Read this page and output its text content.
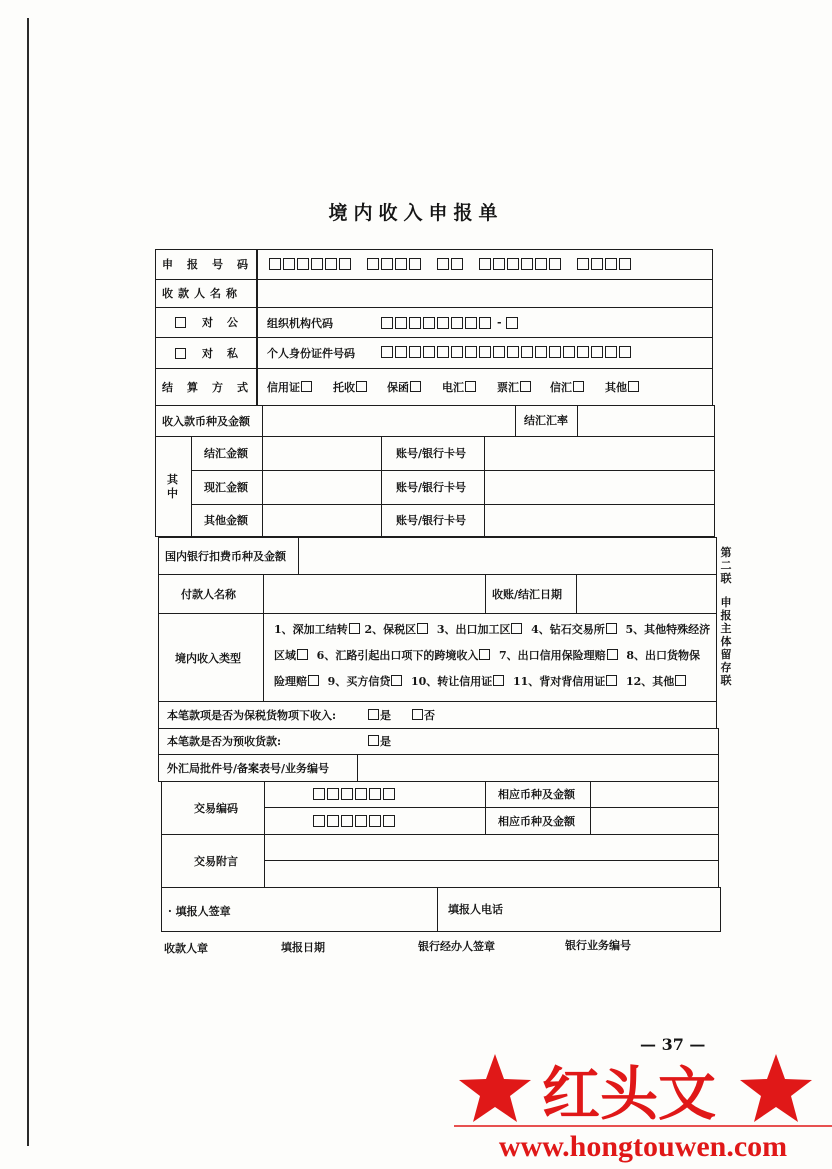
境内收入申报单
申报号码
收款人名称
对公 组织机构代码	-
对私 个人身份证件号码
结算方式 信用证	托收	保函	电汇	票汇	信汇	其他
收入款币种及金额	结汇汇率
其中
结汇金额	账号/银行卡号
现汇金额	账号/银行卡号
其他金额	账号/银行卡号
国内银行扣费币种及金额
付款人名称	收账/结汇日期
境内收入类型
1、深加工结转 2、保税区 3、出口加工区 4、钻石交易所 5、其他特殊经济
区域 6、汇路引起出口项下的跨境收入 7、出口信用保险理赔 8、出口货物保
险理赔 9、买方信贷 10、转让信用证 11、背对背信用证 12、其他
本笔款项是否为保税货物项下收入:	是	否
本笔款是否为预收货款:	是
外汇局批件号/备案表号/业务编号
交易编码
相应币种及金额
相应币种及金额
交易附言
· 填报人签章	填报人电话
收款人章	填报日期	银行经办人签章	银行业务编号
第二联
申报主体留存联
— 37 —
红头文
www.hongtouwen.com
